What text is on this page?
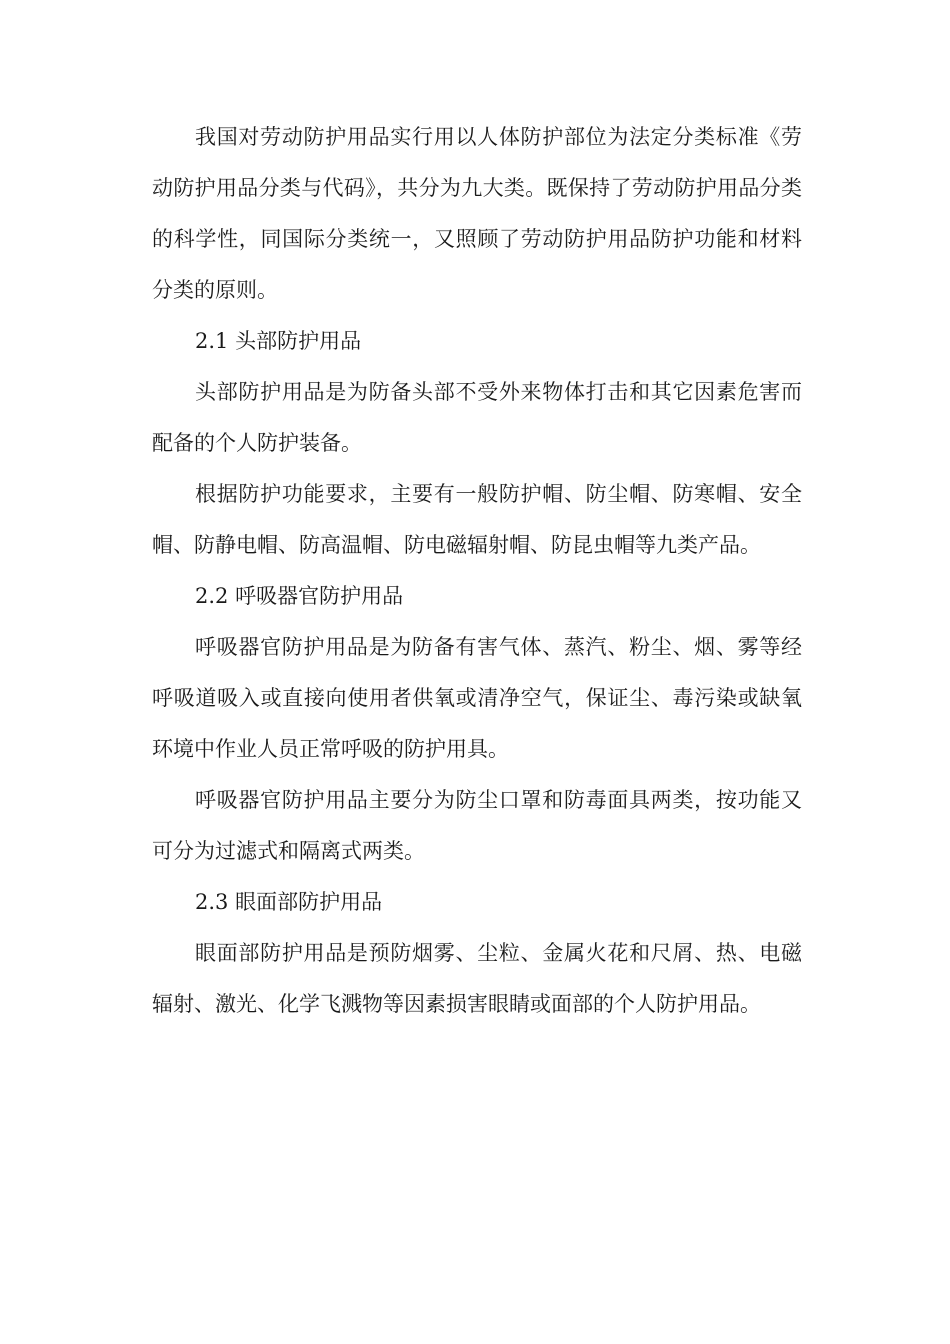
我国对劳动防护用品实行用以人体防护部位为法定分类标准《劳动防护用品分类与代码》，共分为九大类。既保持了劳动防护用品分类的科学性，同国际分类统一，又照顾了劳动防护用品防护功能和材料分类的原则。

2.1 头部防护用品

头部防护用品是为防备头部不受外来物体打击和其它因素危害而配备的个人防护装备。

根据防护功能要求，主要有一般防护帽、防尘帽、防寒帽、安全帽、防静电帽、防高温帽、防电磁辐射帽、防昆虫帽等九类产品。

2.2 呼吸器官防护用品

呼吸器官防护用品是为防备有害气体、蒸汽、粉尘、烟、雾等经呼吸道吸入或直接向使用者供氧或清净空气，保证尘、毒污染或缺氧环境中作业人员正常呼吸的防护用具。

呼吸器官防护用品主要分为防尘口罩和防毒面具两类，按功能又可分为过滤式和隔离式两类。

2.3 眼面部防护用品

眼面部防护用品是预防烟雾、尘粒、金属火花和尺屑、热、电磁辐射、激光、化学飞溅物等因素损害眼睛或面部的个人防护用品。
